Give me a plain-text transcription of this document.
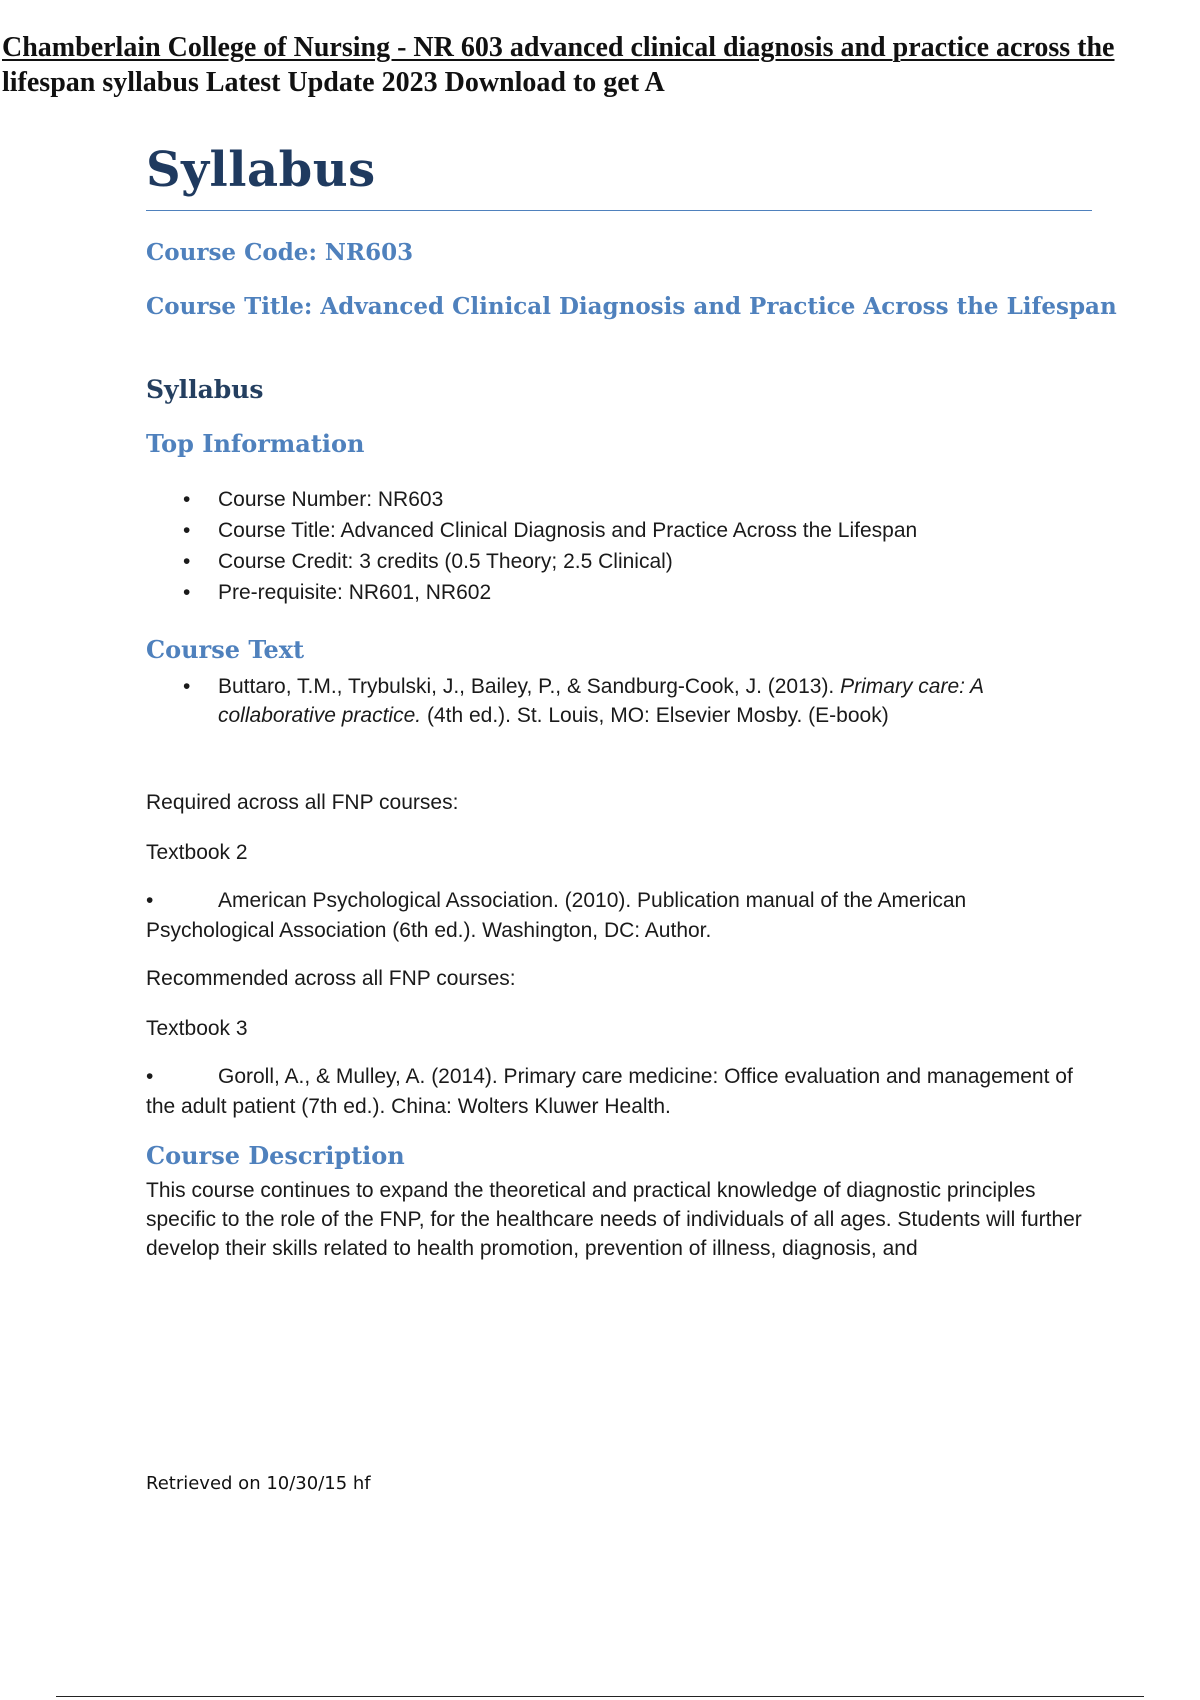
Chamberlain College of Nursing - NR 603 advanced clinical diagnosis and practice across the
lifespan syllabus Latest Update 2023 Download to get A
Syllabus

Course Code: NR603

Course Title: Advanced Clinical Diagnosis and Practice Across the Lifespan

Syllabus
Top Information
• Course Number: NR603
• Course Title: Advanced Clinical Diagnosis and Practice Across the Lifespan
• Course Credit: 3 credits (0.5 Theory; 2.5 Clinical)
• Pre-requisite: NR601, NR602
Course Text
• Buttaro, T.M., Trybulski, J., Bailey, P., & Sandburg-Cook, J. (2013). Primary care: A collaborative practice. (4th ed.). St. Louis, MO: Elsevier Mosby. (E-book)

Required across all FNP courses:

Textbook 2

•	American Psychological Association. (2010). Publication manual of the American Psychological Association (6th ed.). Washington, DC: Author.

Recommended across all FNP courses:

Textbook 3

•	Goroll, A., & Mulley, A. (2014). Primary care medicine: Office evaluation and management of the adult patient (7th ed.). China: Wolters Kluwer Health.

Course Description

This course continues to expand the theoretical and practical knowledge of diagnostic principles specific to the role of the FNP, for the healthcare needs of individuals of all ages. Students will further develop their skills related to health promotion, prevention of illness, diagnosis, and

Retrieved on 10/30/15 hf
